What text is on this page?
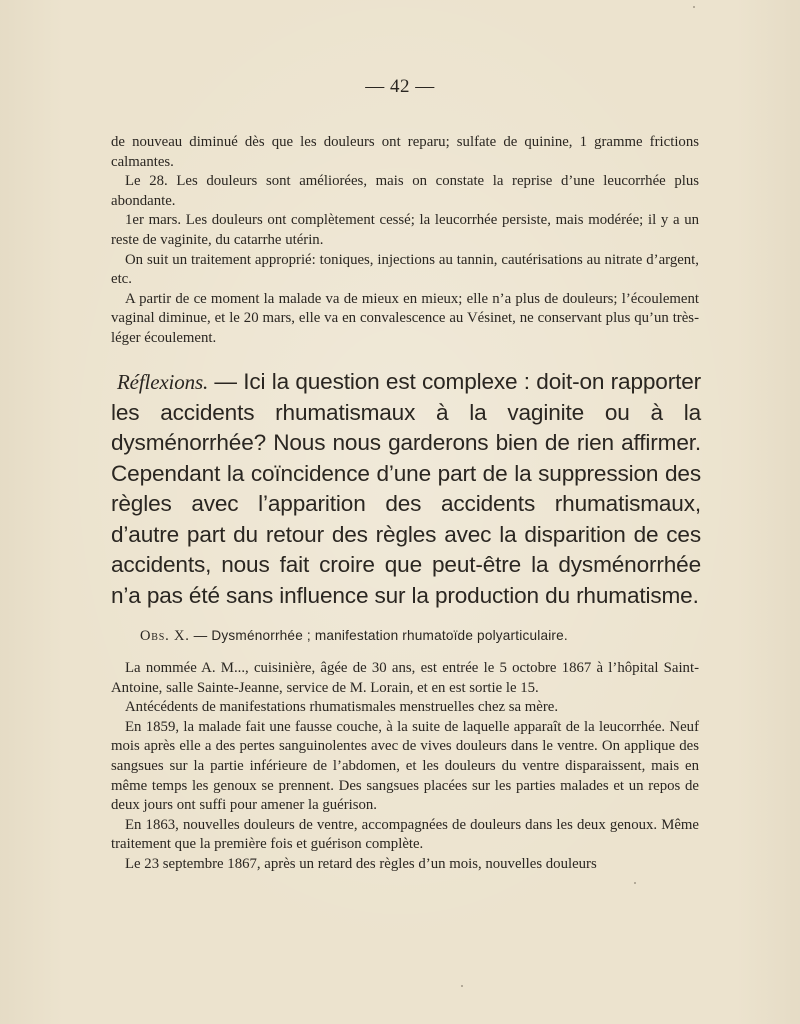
— 42 —

de nouveau diminué dès que les douleurs ont reparu; sulfate de quinine, 1 gramme frictions calmantes.

Le 28. Les douleurs sont améliorées, mais on constate la reprise d’une leucorrhée plus abondante.

1er mars. Les douleurs ont complètement cessé; la leucorrhée persiste, mais modérée; il y a un reste de vaginite, du catarrhe utérin.

On suit un traitement approprié: toniques, injections au tannin, cautérisations au nitrate d’argent, etc.

A partir de ce moment la malade va de mieux en mieux; elle n’a plus de douleurs; l’écoulement vaginal diminue, et le 20 mars, elle va en convalescence au Vésinet, ne conservant plus qu’un très-léger écoulement.

Réflexions. — Ici la question est complexe : doit-on rapporter les accidents rhumatismaux à la vaginite ou à la dysménorrhée? Nous nous garderons bien de rien affirmer. Cependant la coïncidence d’une part de la suppression des règles avec l’apparition des accidents rhumatismaux, d’autre part du retour des règles avec la disparition de ces accidents, nous fait croire que peut-être la dysménorrhée n’a pas été sans influence sur la production du rhumatisme.

Obs. X. — Dysménorrhée ; manifestation rhumatoïde polyarticulaire.

La nommée A. M..., cuisinière, âgée de 30 ans, est entrée le 5 octobre 1867 à l’hôpital Saint-Antoine, salle Sainte-Jeanne, service de M. Lorain, et en est sortie le 15.

Antécédents de manifestations rhumatismales menstruelles chez sa mère.

En 1859, la malade fait une fausse couche, à la suite de laquelle apparaît de la leucorrhée. Neuf mois après elle a des pertes sanguinolentes avec de vives douleurs dans le ventre. On applique des sangsues sur la partie inférieure de l’abdomen, et les douleurs du ventre disparaissent, mais en même temps les genoux se prennent. Des sangsues placées sur les parties malades et un repos de deux jours ont suffi pour amener la guérison.

En 1863, nouvelles douleurs de ventre, accompagnées de douleurs dans les deux genoux. Même traitement que la première fois et guérison complète.

Le 23 septembre 1867, après un retard des règles d’un mois, nouvelles douleurs
